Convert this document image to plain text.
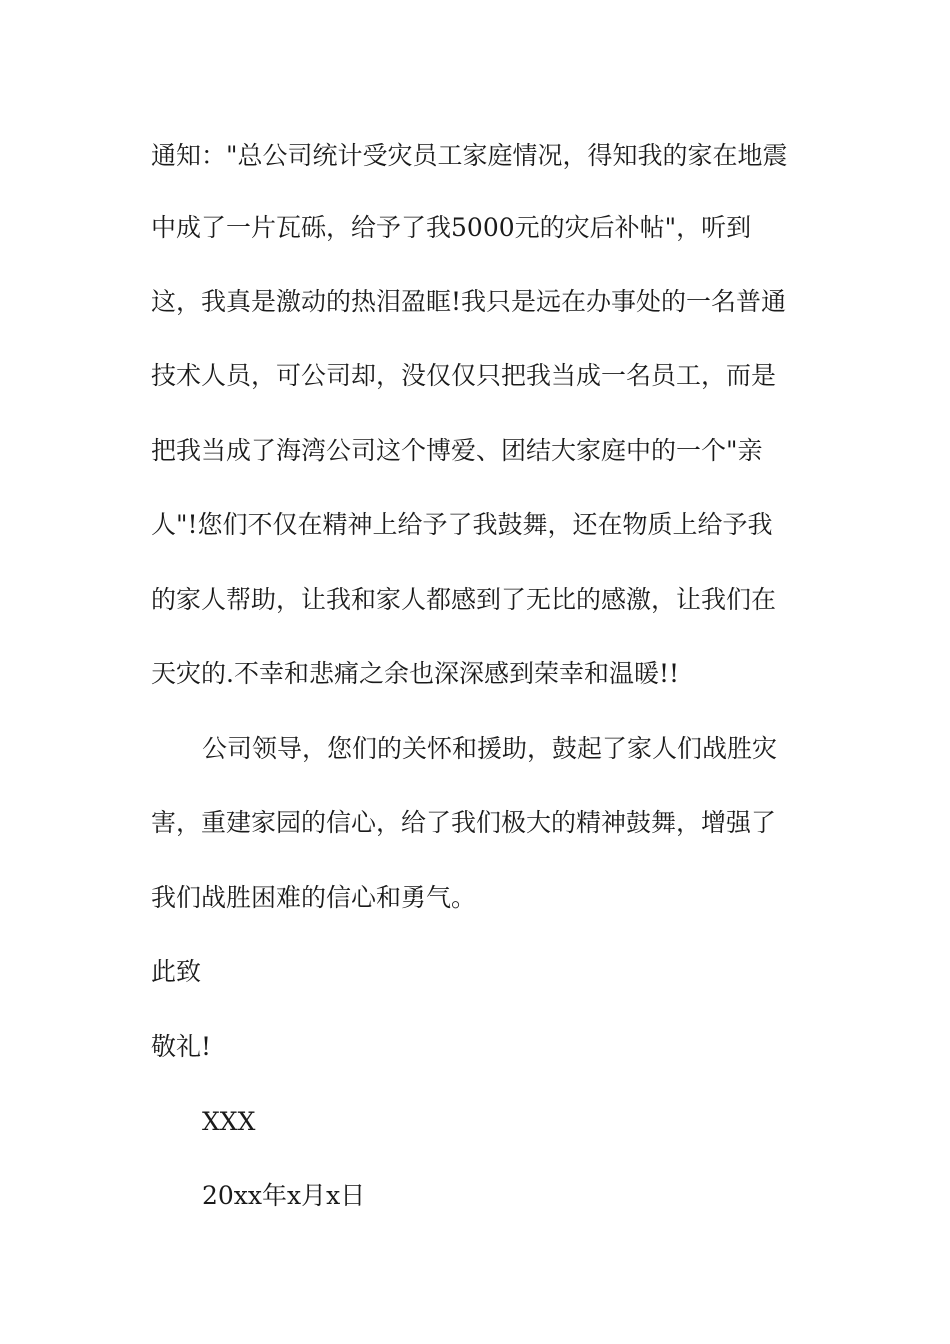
通知："总公司统计受灾员工家庭情况，得知我的家在地震
中成了一片瓦砾，给予了我5000元的灾后补帖"，听到
这，我真是激动的热泪盈眶!我只是远在办事处的一名普通
技术人员，可公司却，没仅仅只把我当成一名员工，而是
把我当成了海湾公司这个博爱、团结大家庭中的一个"亲
人"!您们不仅在精神上给予了我鼓舞，还在物质上给予我
的家人帮助，让我和家人都感到了无比的感激，让我们在
天灾的.不幸和悲痛之余也深深感到荣幸和温暖!!
公司领导，您们的关怀和援助，鼓起了家人们战胜灾
害，重建家园的信心，给了我们极大的精神鼓舞，增强了
我们战胜困难的信心和勇气。
此致
敬礼!
XXX
20xx年x月x日
